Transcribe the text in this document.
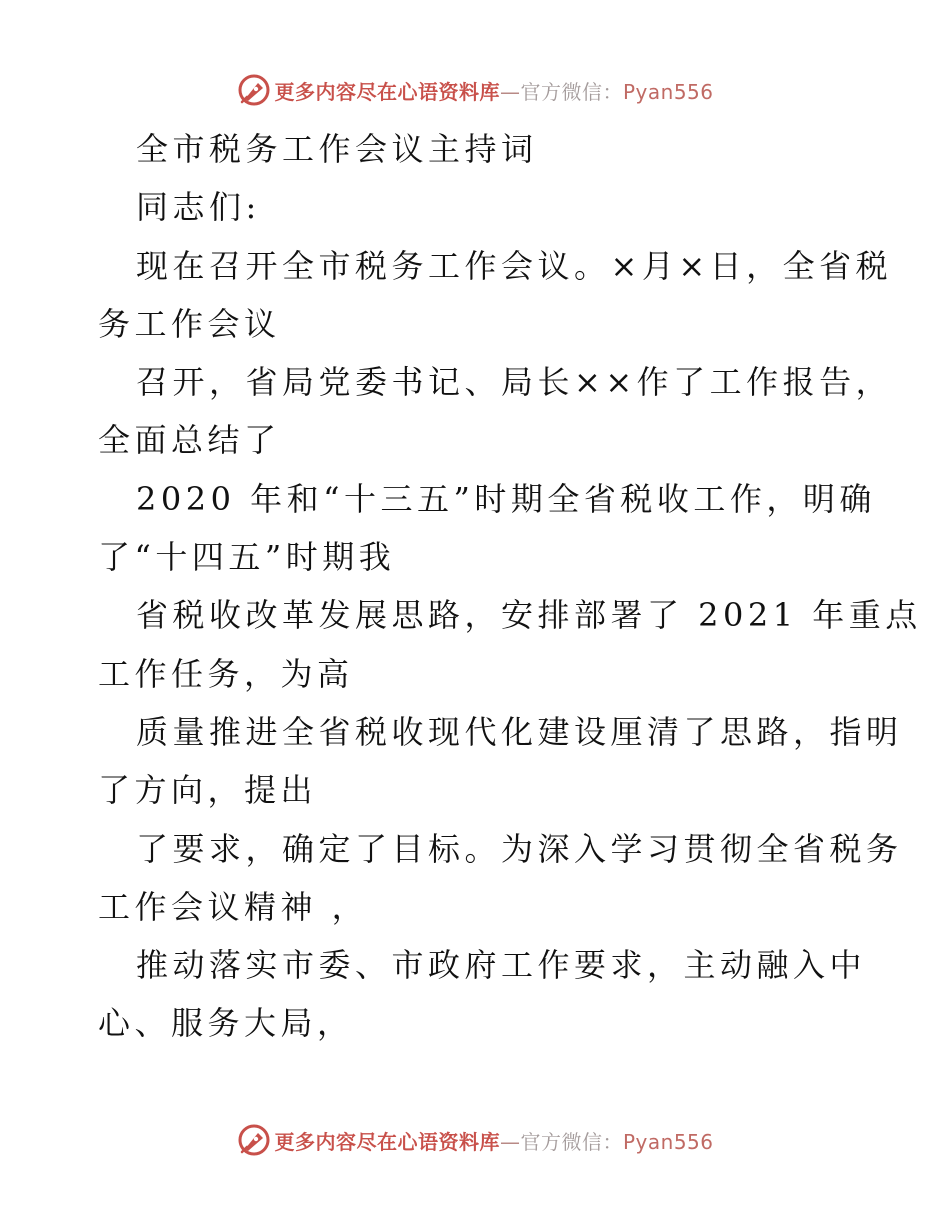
更多内容尽在心语资料库—官方微信：Pyan556
全市税务工作会议主持词
同志们:
现在召开全市税务工作会议。×月×日，全省税
务工作会议
召开，省局党委书记、局长××作了工作报告，
全面总结了
2020 年和“十三五”时期全省税收工作，明确
了“十四五”时期我
省税收改革发展思路，安排部署了 2021 年重点
工作任务，为高
质量推进全省税收现代化建设厘清了思路，指明
了方向，提出
了要求，确定了目标。为深入学习贯彻全省税务
工作会议精神 ，
推动落实市委、市政府工作要求，主动融入中
心、服务大局，
更多内容尽在心语资料库—官方微信：Pyan556
